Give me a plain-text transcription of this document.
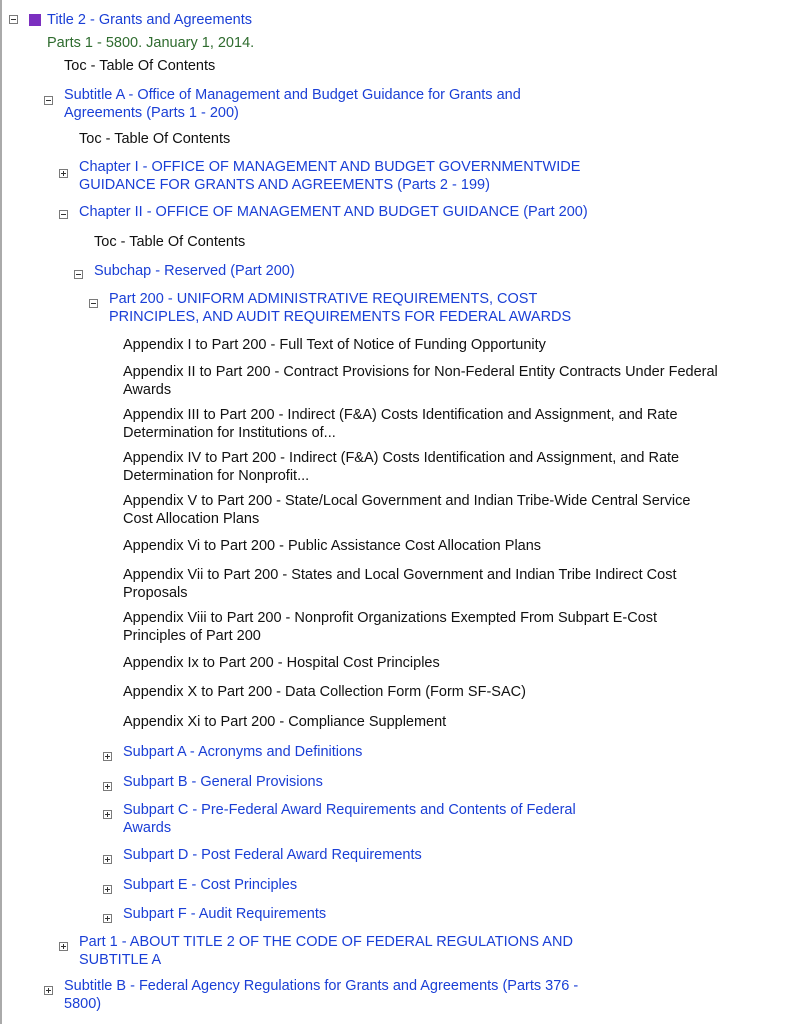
Title 2 - Grants and Agreements
Parts 1 - 5800. January 1, 2014.
Toc - Table Of Contents
Subtitle A - Office of Management and Budget Guidance for Grants and
Agreements (Parts 1 - 200)
Toc - Table Of Contents
Chapter I - OFFICE OF MANAGEMENT AND BUDGET GOVERNMENTWIDE
GUIDANCE FOR GRANTS AND AGREEMENTS (Parts 2 - 199)
Chapter II - OFFICE OF MANAGEMENT AND BUDGET GUIDANCE (Part 200)
Toc - Table Of Contents
Subchap - Reserved (Part 200)
Part 200 - UNIFORM ADMINISTRATIVE REQUIREMENTS, COST
PRINCIPLES, AND AUDIT REQUIREMENTS FOR FEDERAL AWARDS
Appendix I to Part 200 - Full Text of Notice of Funding Opportunity
Appendix II to Part 200 - Contract Provisions for Non-Federal Entity Contracts Under Federal
Awards
Appendix III to Part 200 - Indirect (F&A) Costs Identification and Assignment, and Rate
Determination for Institutions of...
Appendix IV to Part 200 - Indirect (F&A) Costs Identification and Assignment, and Rate
Determination for Nonprofit...
Appendix V to Part 200 - State/Local Government and Indian Tribe-Wide Central Service
Cost Allocation Plans
Appendix Vi to Part 200 - Public Assistance Cost Allocation Plans
Appendix Vii to Part 200 - States and Local Government and Indian Tribe Indirect Cost
Proposals
Appendix Viii to Part 200 - Nonprofit Organizations Exempted From Subpart E-Cost
Principles of Part 200
Appendix Ix to Part 200 - Hospital Cost Principles
Appendix X to Part 200 - Data Collection Form (Form SF-SAC)
Appendix Xi to Part 200 - Compliance Supplement
Subpart A - Acronyms and Definitions
Subpart B - General Provisions
Subpart C - Pre-Federal Award Requirements and Contents of Federal
Awards
Subpart D - Post Federal Award Requirements
Subpart E - Cost Principles
Subpart F - Audit Requirements
Part 1 - ABOUT TITLE 2 OF THE CODE OF FEDERAL REGULATIONS AND
SUBTITLE A
Subtitle B - Federal Agency Regulations for Grants and Agreements (Parts 376 -
5800)
